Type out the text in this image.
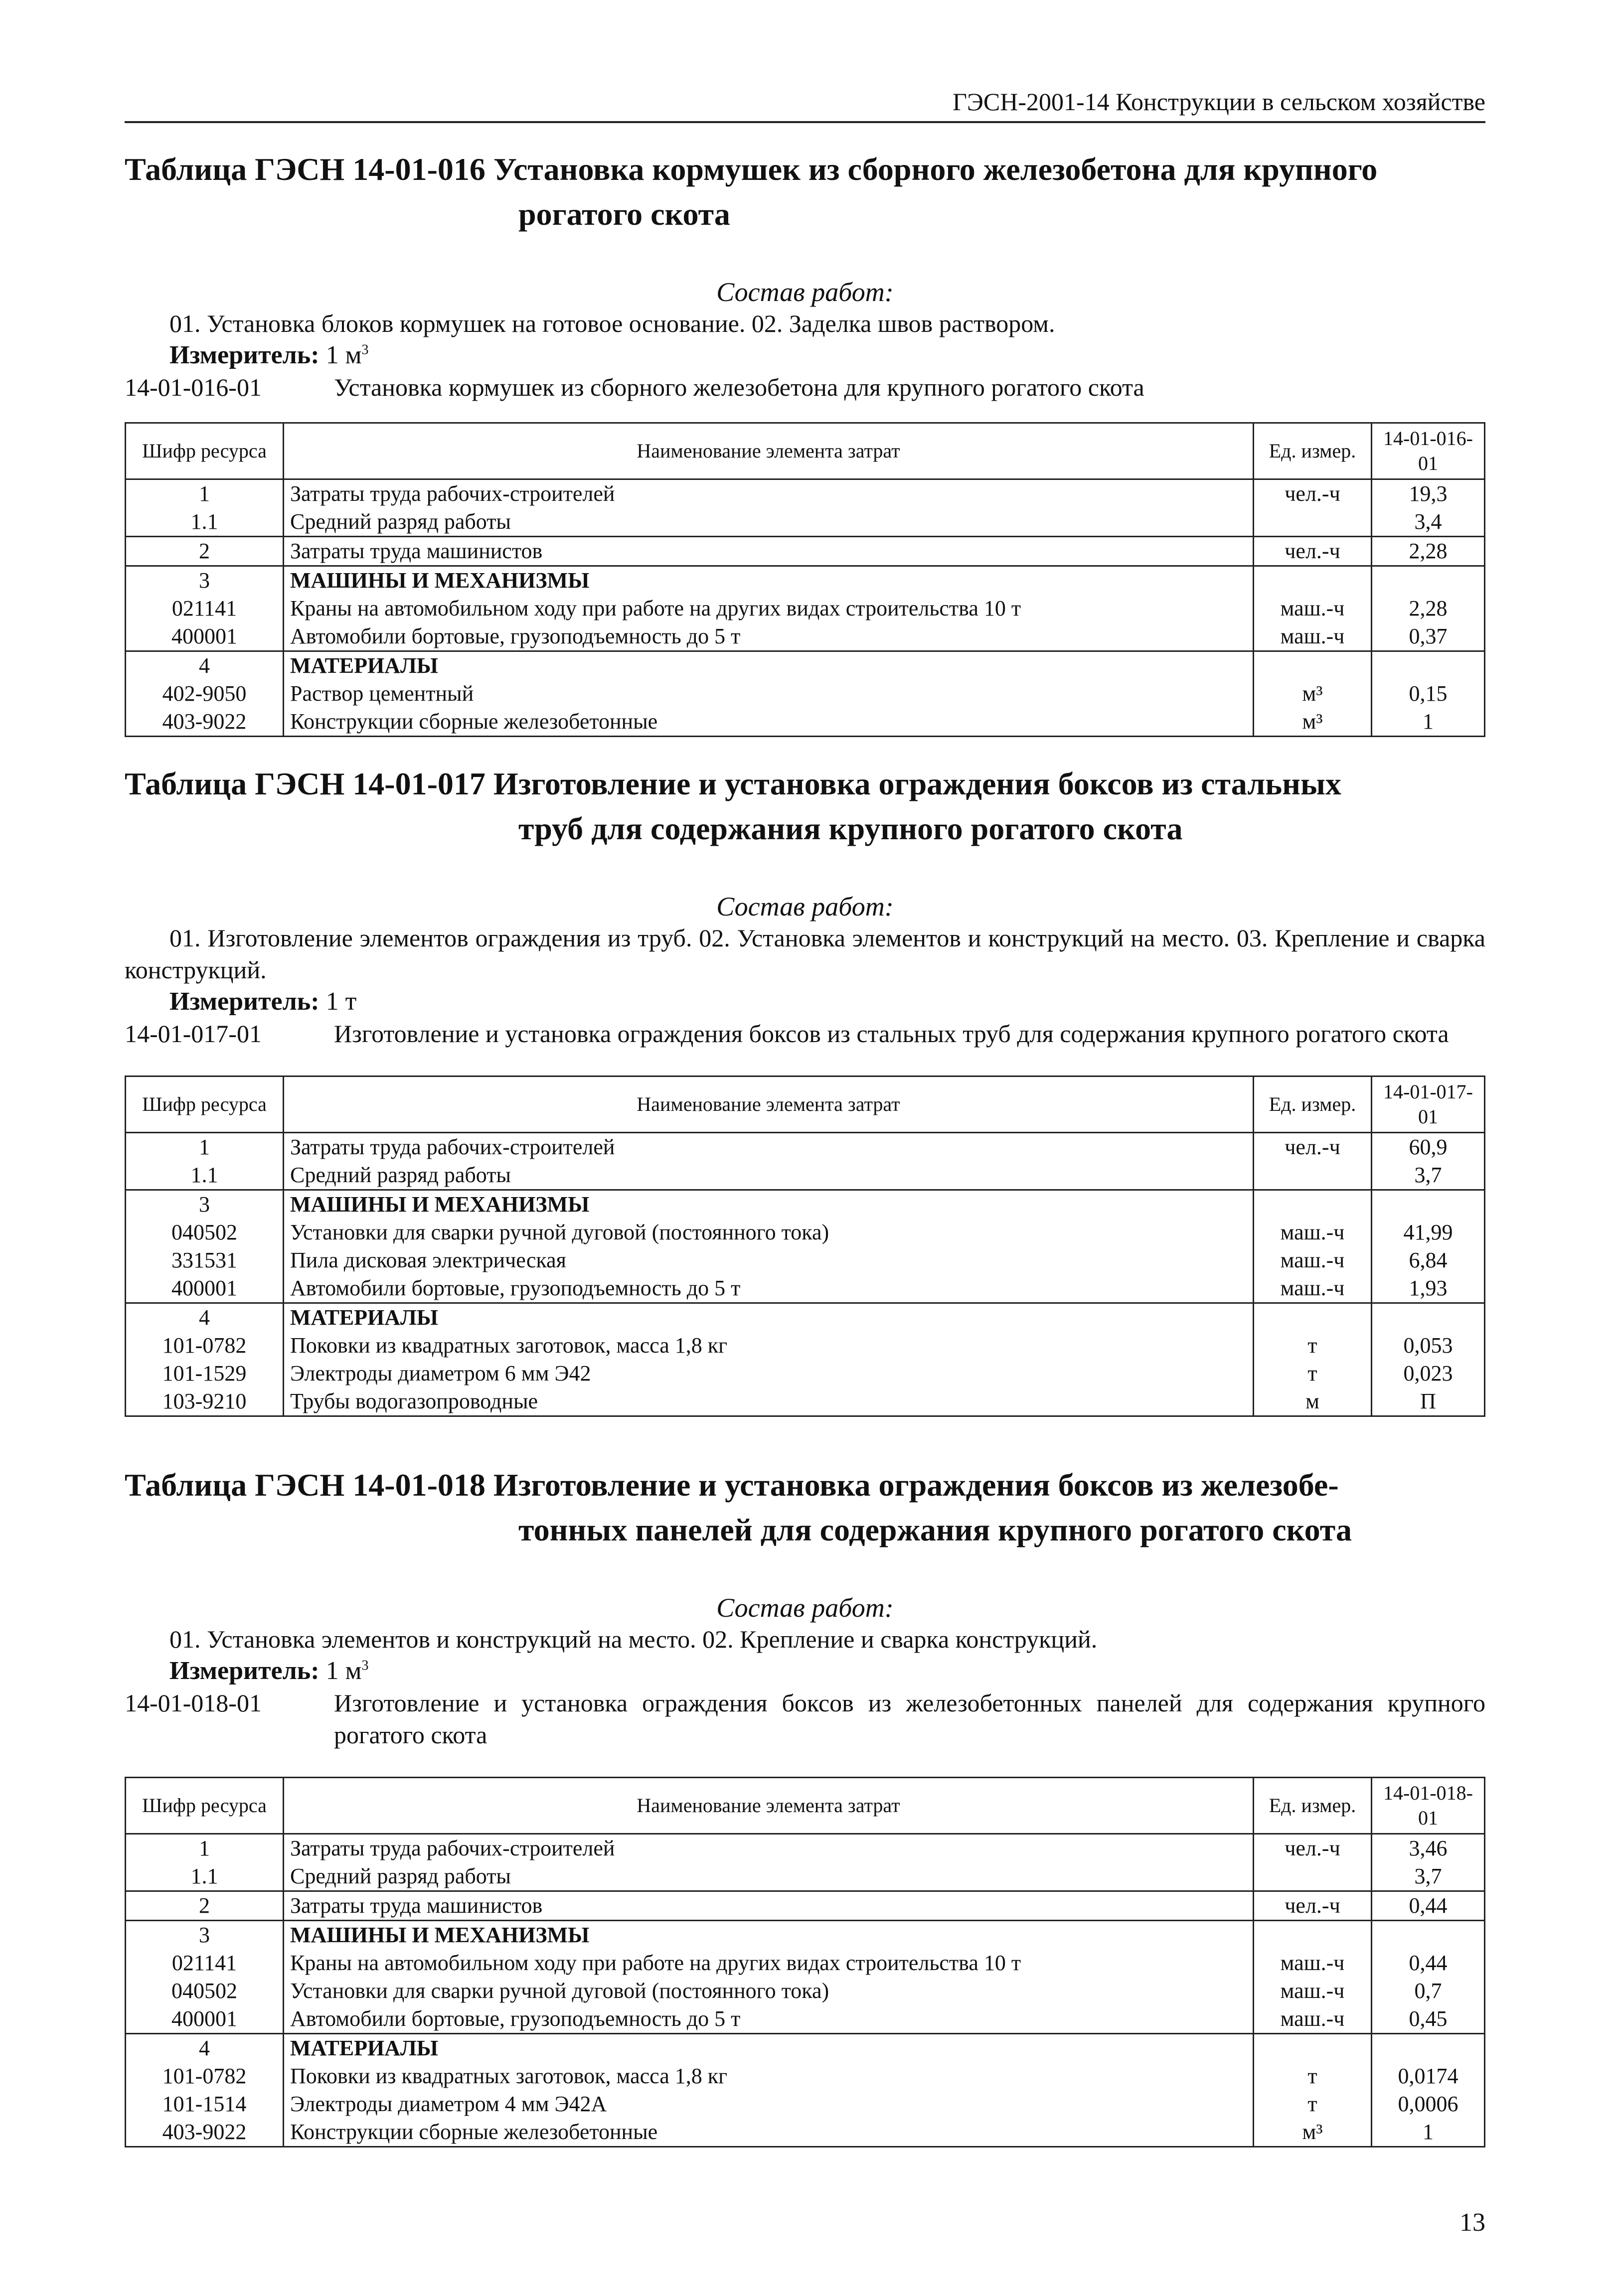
ГЭСН-2001-14 Конструкции в сельском хозяйстве
Таблица ГЭСН 14-01-016 Установка кормушек из сборного железобетона для крупного
рогатого скота
Состав работ:

01. Установка блоков кормушек на готовое основание. 02. Заделка швов раствором.

Измеритель: 1 $м^3$
14-01-016-01	Установка кормушек из сборного железобетона для крупного рогатого скота
Шифр ресурса	Наименование элемента затрат	Ед. измер.	14-01-016-01
1	Затраты труда рабочих-строителей	чел.-ч	19,3
1.1	Средний разряд работы		3,4
2	Затраты труда машинистов	чел.-ч	2,28
3	МАШИНЫ И МЕХАНИЗМЫ		
021141	Краны на автомобильном ходу при работе на других видах строительства 10 т	маш.-ч	2,28
400001	Автомобили бортовые, грузоподъемность до 5 т	маш.-ч	0,37
4	МАТЕРИАЛЫ		
402-9050	Раствор цементный	м³	0,15
403-9022	Конструкции сборные железобетонные	м³	1
Таблица ГЭСН 14-01-017 Изготовление и установка ограждения боксов из стальных
труб для содержания крупного рогатого скота
Состав работ:

01. Изготовление элементов ограждения из труб. 02. Установка элементов и конструкций на место. 03. Крепление и сварка конструкций.

Измеритель: 1 т
14-01-017-01	Изготовление и установка ограждения боксов из стальных труб для содержания крупного рогатого скота
Шифр ресурса	Наименование элемента затрат	Ед. измер.	14-01-017-01
1	Затраты труда рабочих-строителей	чел.-ч	60,9
1.1	Средний разряд работы		3,7
3	МАШИНЫ И МЕХАНИЗМЫ		
040502	Установки для сварки ручной дуговой (постоянного тока)	маш.-ч	41,99
331531	Пила дисковая электрическая	маш.-ч	6,84
400001	Автомобили бортовые, грузоподъемность до 5 т	маш.-ч	1,93
4	МАТЕРИАЛЫ		
101-0782	Поковки из квадратных заготовок, масса 1,8 кг	т	0,053
101-1529	Электроды диаметром 6 мм Э42	т	0,023
103-9210	Трубы водогазопроводные	м	П
Таблица ГЭСН 14-01-018 Изготовление и установка ограждения боксов из железобе-
тонных панелей для содержания крупного рогатого скота
Состав работ:

01. Установка элементов и конструкций на место. 02. Крепление и сварка конструкций.

Измеритель: 1 $м^3$
14-01-018-01	Изготовление и установка ограждения боксов из железобетонных панелей для содержания крупного рогатого скота
Шифр ресурса	Наименование элемента затрат	Ед. измер.	14-01-018-01
1	Затраты труда рабочих-строителей	чел.-ч	3,46
1.1	Средний разряд работы		3,7
2	Затраты труда машинистов	чел.-ч	0,44
3	МАШИНЫ И МЕХАНИЗМЫ		
021141	Краны на автомобильном ходу при работе на других видах строительства 10 т	маш.-ч	0,44
040502	Установки для сварки ручной дуговой (постоянного тока)	маш.-ч	0,7
400001	Автомобили бортовые, грузоподъемность до 5 т	маш.-ч	0,45
4	МАТЕРИАЛЫ		
101-0782	Поковки из квадратных заготовок, масса 1,8 кг	т	0,0174
101-1514	Электроды диаметром 4 мм Э42А	т	0,0006
403-9022	Конструкции сборные железобетонные	м³	1
13
